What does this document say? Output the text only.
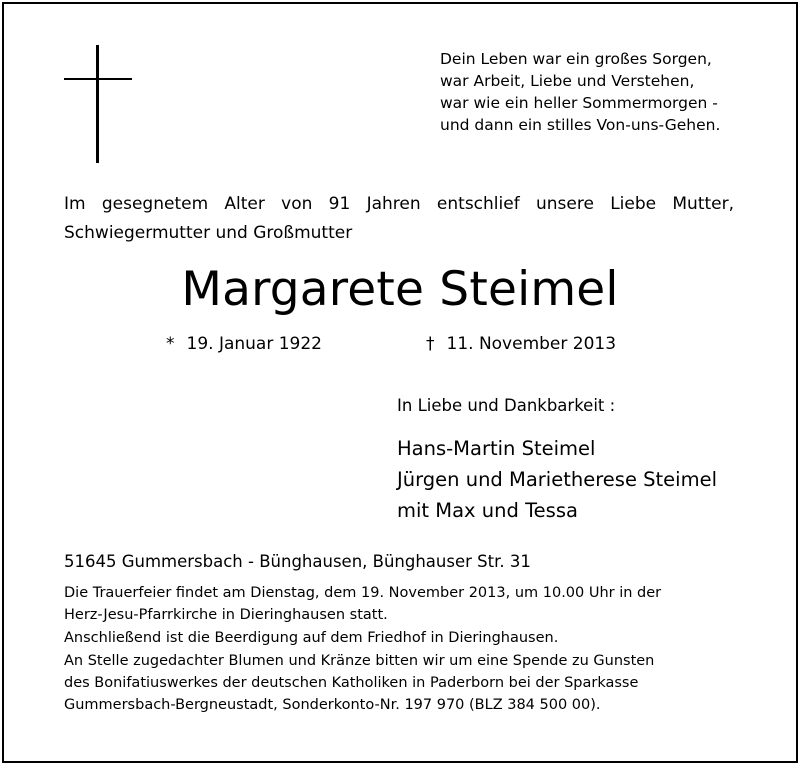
Dein Leben war ein großes Sorgen,
war Arbeit, Liebe und Verstehen,
war wie ein heller Sommermorgen -
und dann ein stilles Von-uns-Gehen.
Im gesegnetem Alter von 91 Jahren entschlief unsere Liebe Mutter,
Schwiegermutter und Großmutter
Margarete Steimel
* 19. Januar 1922	† 11. November 2013
In Liebe und Dankbarkeit :
Hans-Martin Steimel
Jürgen und Marietherese Steimel
mit Max und Tessa
51645 Gummersbach - Bünghausen, Bünghauser Str. 31

Die Trauerfeier findet am Dienstag, dem 19. November 2013, um 10.00 Uhr in der

Herz-Jesu-Pfarrkirche in Dieringhausen statt.

Anschließend ist die Beerdigung auf dem Friedhof in Dieringhausen.

An Stelle zugedachter Blumen und Kränze bitten wir um eine Spende zu Gunsten

des Bonifatiuswerkes der deutschen Katholiken in Paderborn bei der Sparkasse

Gummersbach-Bergneustadt, Sonderkonto-Nr. 197 970 (BLZ 384 500 00).
